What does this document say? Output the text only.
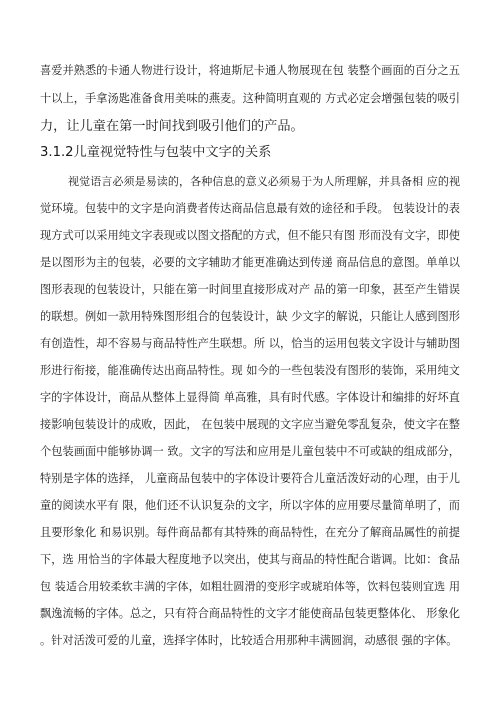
喜爱并熟悉的卡通人物进行设计，将迪斯尼卡通人物展现在包 装整个画面的百分之五
十以上，手拿汤匙准备食用美味的燕麦。这种简明直观的 方式必定会增强包装的吸引
力，让儿童在第一时间找到吸引他们的产品。
3.1.2儿童视觉特性与包装中文字的关系
视觉语言必须是易读的，各种信息的意义必须易于为人所理解，并具备相 应的视
觉环境。包装中的文字是向消费者传达商品信息最有效的途径和手段。 包装设计的表
现方式可以采用纯文字表现或以图文搭配的方式，但不能只有图 形而没有文字，即使
是以图形为主的包装，必要的文字辅助才能更准确达到传递 商品信息的意图。单单以
图形表现的包装设计，只能在第一时间里直接形成对产 品的第一印象，甚至产生错误
的联想。例如一款用特殊图形组合的包装设计，缺 少文字的解说，只能让人感到图形
有创造性，却不容易与商品特性产生联想。所 以，恰当的运用包装文字设计与辅助图
形进行衔接，能准确传达出商品特性。现 如今的一些包装没有图形的装饰，采用纯文
字的字体设计，商品从整体上显得简 单高雅，具有时代感。字体设计和编排的好坏直
接影响包装设计的成败，因此， 在包装中展现的文字应当避免零乱复杂，使文字在整
个包装画面中能够协调一 致。文字的写法和应用是儿童包装中不可或缺的组成部分，
特别是字体的选择， 儿童商品包装中的字体设计要符合儿童活泼好动的心理，由于儿
童的阅读水平有 限，他们还不认识复杂的文字，所以字体的应用要尽量简单明了，而
且要形象化 和易识别。每件商品都有其特殊的商品特性，在充分了解商品属性的前提
下，选 用恰当的字体最大程度地予以突出，使其与商品的特性配合谐调。比如：食品
包 装适合用较柔软丰满的字体，如粗壮圆滑的变形字或琥珀体等，饮料包装则宜选 用
飘逸流畅的字体。总之，只有符合商品特性的文字才能使商品包装更整体化、 形象化
。针对活泼可爱的儿童，选择字体时，比较适合用那种丰满圆润，动感很 强的字体。
